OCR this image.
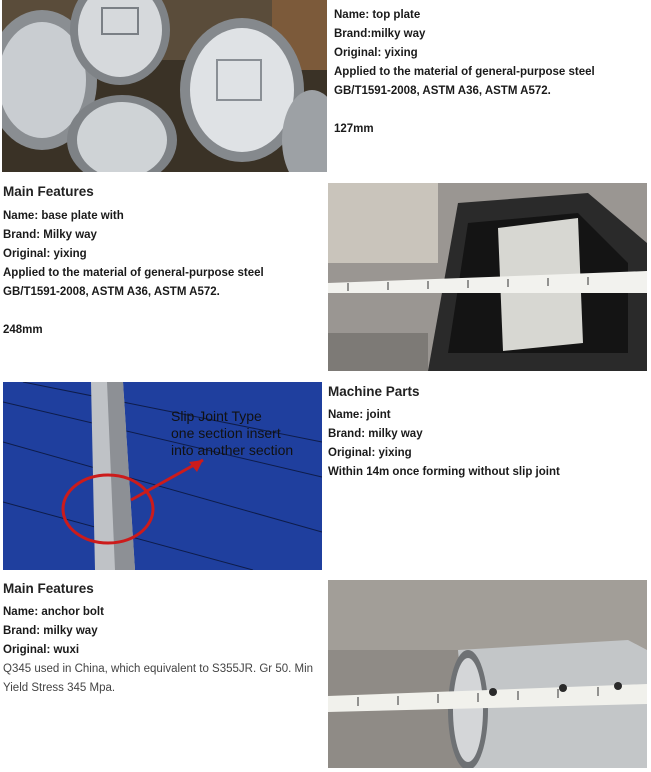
Name: top plate
Brand:milky way
Original: yixing
Applied to the material of general-purpose steel
GB/T1591-2008, ASTM A36, ASTM A572.
127mm
Main Features
Name: base plate with
Brand: Milky way
Original: yixing
Applied to the material of general-purpose steel
GB/T1591-2008, ASTM A36, ASTM A572.
248mm
Slip Joint Type
one section insert
into another section
Machine Parts
Name: joint
Brand: milky way
Original: yixing
Within 14m once forming without slip joint
Main Features
Name: anchor bolt
Brand: milky way
Original: wuxi
Q345 used in China, which equivalent to S355JR. Gr 50. Min Yield Stress 345 Mpa.
